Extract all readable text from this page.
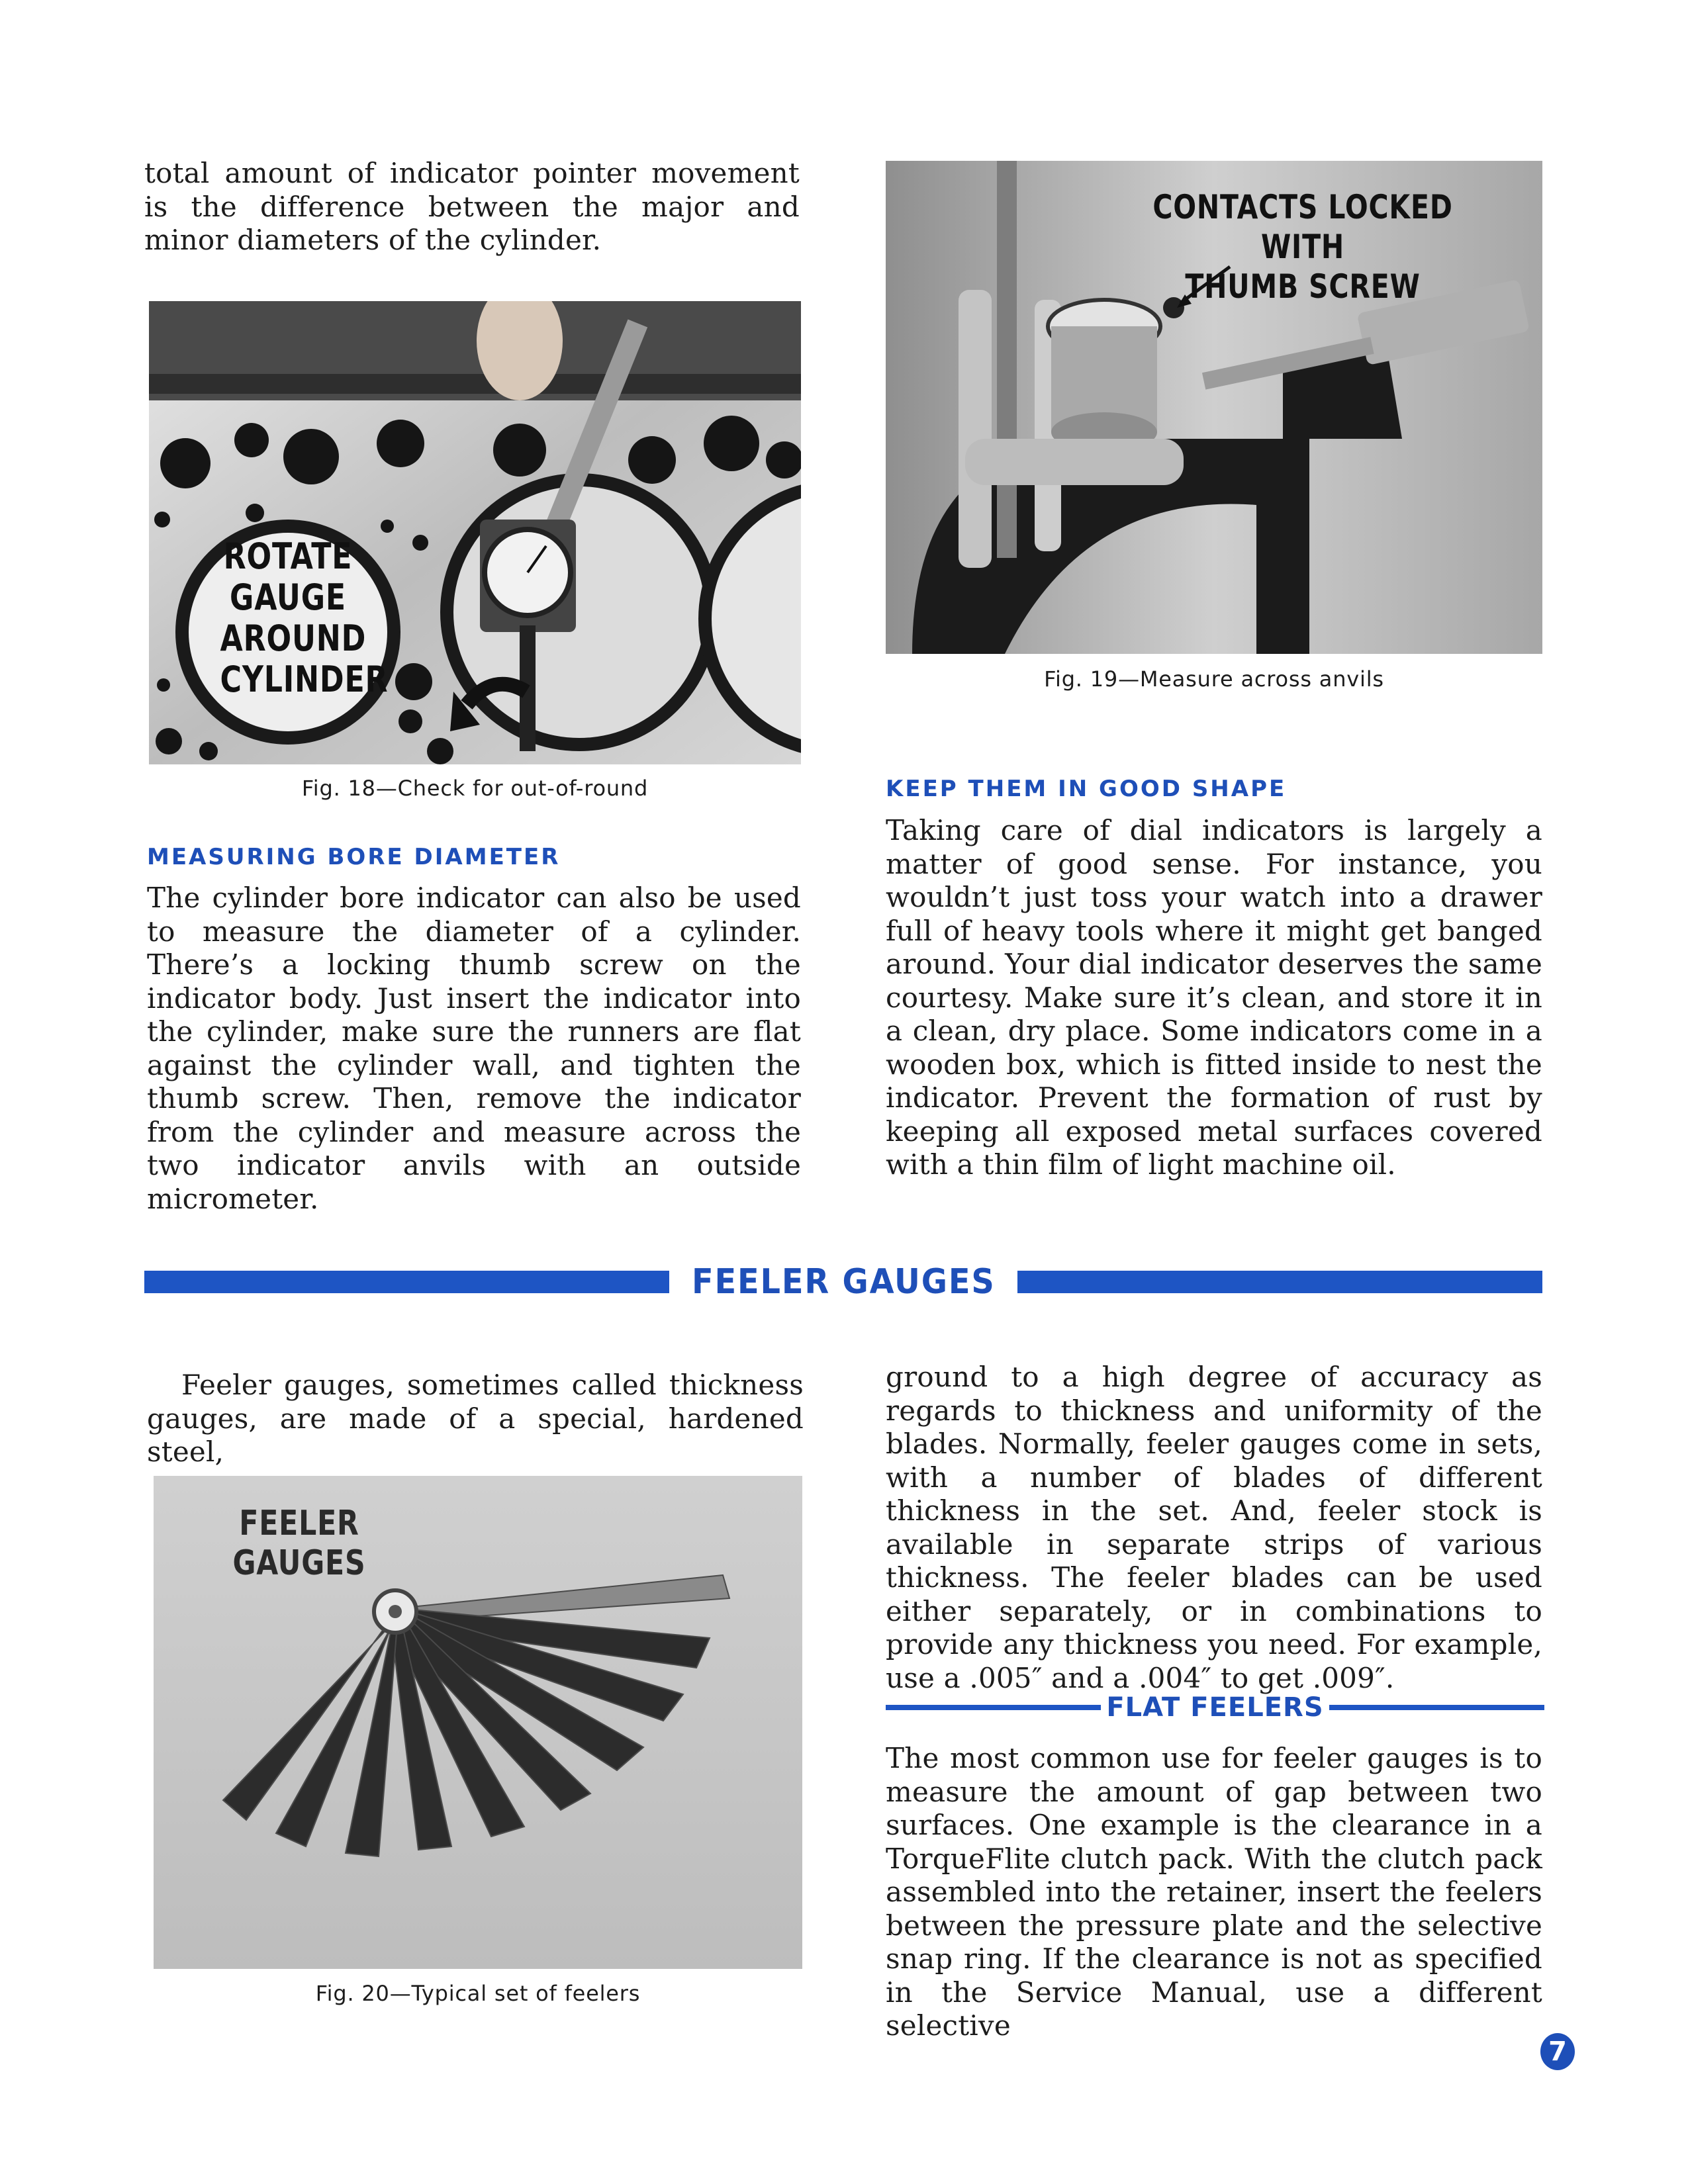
total amount of indicator pointer movement is the difference between the major and minor diameters of the cylinder.

ROTATE
GAUGE
AROUND
CYLINDER
Fig. 18—Check for out-of-round
MEASURING BORE DIAMETER

The cylinder bore indicator can also be used to measure the diameter of a cylinder. There’s a locking thumb screw on the indicator body. Just insert the indicator into the cylinder, make sure the runners are flat against the cylinder wall, and tighten the thumb screw. Then, remove the indicator from the cylinder and measure across the two indicator anvils with an outside micrometer.

CONTACTS LOCKED WITH
THUMB SCREW
Fig. 19—Measure across anvils
KEEP THEM IN GOOD SHAPE

Taking care of dial indicators is largely a matter of good sense. For instance, you wouldn’t just toss your watch into a drawer full of heavy tools where it might get banged around. Your dial indicator deserves the same courtesy. Make sure it’s clean, and store it in a clean, dry place. Some indicators come in a wooden box, which is fitted inside to nest the indicator. Prevent the formation of rust by keeping all exposed metal surfaces covered with a thin film of light machine oil.

FEELER GAUGES

Feeler gauges, sometimes called thickness gauges, are made of a special, hardened steel,

FEELER GAUGES
Fig. 20—Typical set of feelers

ground to a high degree of accuracy as regards to thickness and uniformity of the blades. Normally, feeler gauges come in sets, with a number of blades of different thickness in the set. And, feeler stock is available in separate strips of various thickness. The feeler blades can be used either separately, or in combinations to provide any thickness you need. For example, use a .005″ and a .004″ to get .009″.

FLAT FEELERS

The most common use for feeler gauges is to measure the amount of gap between two surfaces. One example is the clearance in a TorqueFlite clutch pack. With the clutch pack assembled into the retainer, insert the feelers between the pressure plate and the selective snap ring. If the clearance is not as specified in the Service Manual, use a different selective

7
